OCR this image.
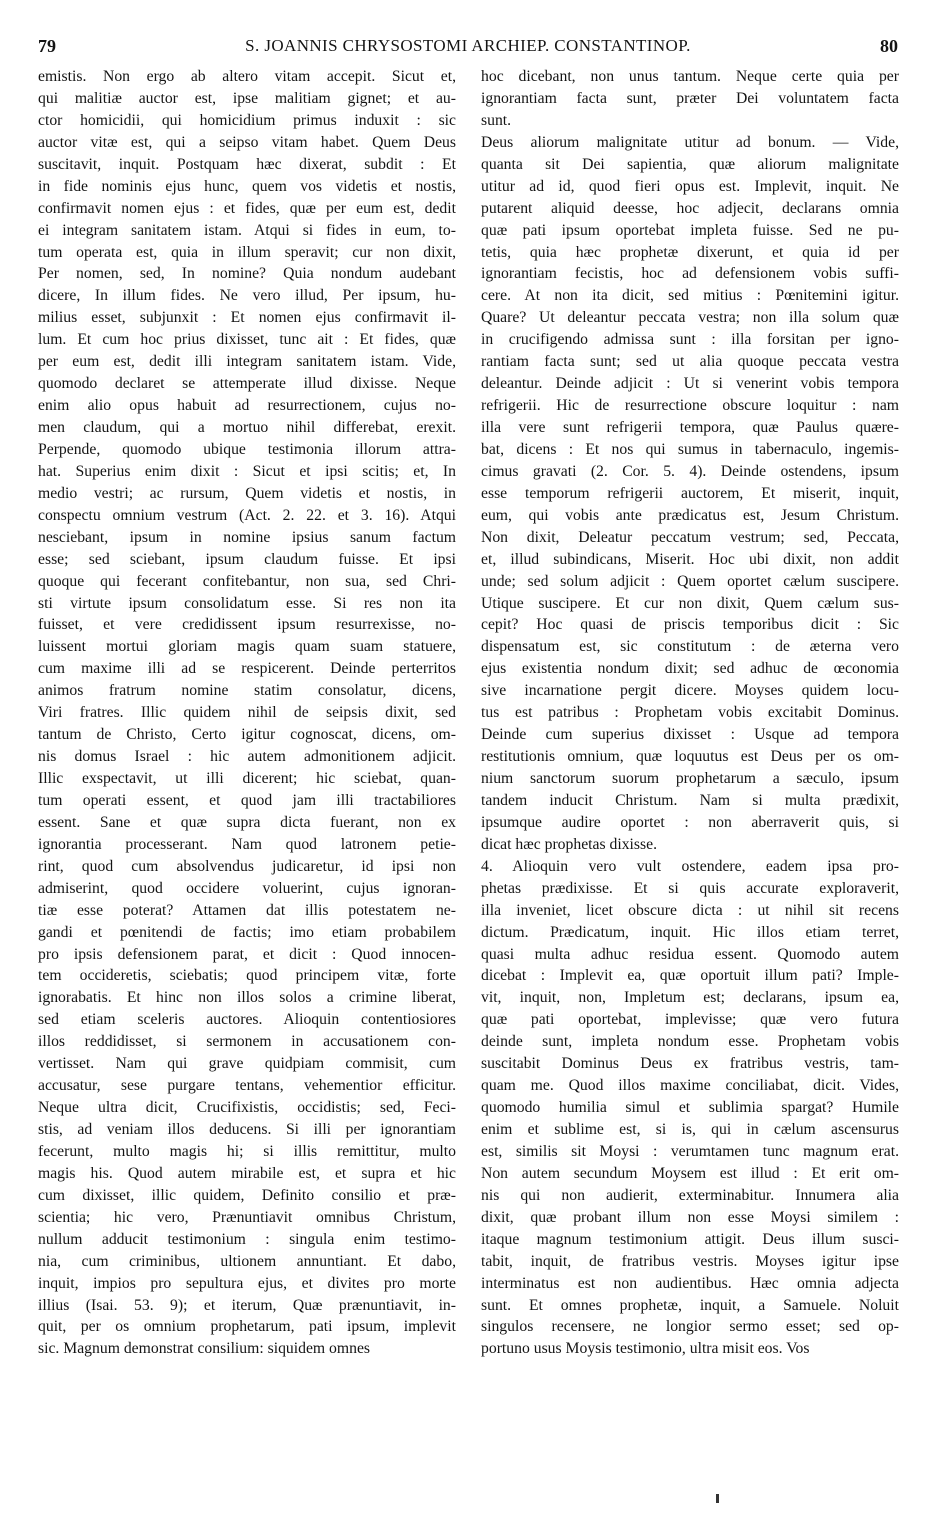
79	S. JOANNIS CHRYSOSTOMI ARCHIEP. CONSTANTINOP.	80
emistis. Non ergo ab altero vitam accepit. Sicut et,
qui malitiæ auctor est, ipse malitiam gignet; et au-
ctor homicidii, qui homicidium primus induxit : sic
auctor vitæ est, qui a seipso vitam habet. Quem Deus
suscitavit, inquit. Postquam hæc dixerat, subdit : Et
in fide nominis ejus hunc, quem vos videtis et nostis,
confirmavit nomen ejus : et fides, quæ per eum est, dedit
ei integram sanitatem istam. Atqui si fides in eum, to-
tum operata est, quia in illum speravit; cur non dixit,
Per nomen, sed, In nomine? Quia nondum audebant
dicere, In illum fides. Ne vero illud, Per ipsum, hu-
milius esset, subjunxit : Et nomen ejus confirmavit il-
lum. Et cum hoc prius dixisset, tunc ait : Et fides, quæ
per eum est, dedit illi integram sanitatem istam. Vide,
quomodo declaret se attemperate illud dixisse. Neque
enim alio opus habuit ad resurrectionem, cujus no-
men claudum, qui a mortuo nihil differebat, erexit.
Perpende, quomodo ubique testimonia illorum attra-
hat. Superius enim dixit : Sicut et ipsi scitis; et, In
medio vestri; ac rursum, Quem videtis et nostis, in
conspectu omnium vestrum (Act. 2. 22. et 3. 16). Atqui
nesciebant, ipsum in nomine ipsius sanum factum
esse; sed sciebant, ipsum claudum fuisse. Et ipsi
quoque qui fecerant confitebantur, non sua, sed Chri-
sti virtute ipsum consolidatum esse. Si res non ita
fuisset, et vere credidissent ipsum resurrexisse, no-
luissent mortui gloriam magis quam suam statuere,
cum maxime illi ad se respicerent. Deinde perterritos
animos fratrum nomine statim consolatur, dicens,
Viri fratres. Illic quidem nihil de seipsis dixit, sed
tantum de Christo, Certo igitur cognoscat, dicens, om-
nis domus Israel : hic autem admonitionem adjicit.
Illic exspectavit, ut illi dicerent; hic sciebat, quan-
tum operati essent, et quod jam illi tractabiliores
essent. Sane et quæ supra dicta fuerant, non ex
ignorantia processerant. Nam quod latronem petie-
rint, quod cum absolvendus judicaretur, id ipsi non
admiserint, quod occidere voluerint, cujus ignoran-
tiæ esse poterat? Attamen dat illis potestatem ne-
gandi et pœnitendi de factis; imo etiam probabilem
pro ipsis defensionem parat, et dicit : Quod innocen-
tem occideretis, sciebatis; quod principem vitæ, forte
ignorabatis. Et hinc non illos solos a crimine liberat,
sed etiam sceleris auctores. Alioquin contentiosiores
illos reddidisset, si sermonem in accusationem con-
vertisset. Nam qui grave quidpiam commisit, cum
accusatur, sese purgare tentans, vehementior efficitur.
Neque ultra dicit, Crucifixistis, occidistis; sed, Feci-
stis, ad veniam illos deducens. Si illi per ignorantiam
fecerunt, multo magis hi; si illis remittitur, multo
magis his. Quod autem mirabile est, et supra et hic
cum dixisset, illic quidem, Definito consilio et præ-
scientia; hic vero, Prænuntiavit omnibus Christum,
nullum adducit testimonium : singula enim testimo-
nia, cum criminibus, ultionem annuntiant. Et dabo,
inquit, impios pro sepultura ejus, et divites pro morte
illius (Isai. 53. 9); et iterum, Quæ prænuntiavit, in-
quit, per os omnium prophetarum, pati ipsum, implevit
sic. Magnum demonstrat consilium: siquidem omnes
hoc dicebant, non unus tantum. Neque certe quia per
ignorantiam facta sunt, præter Dei voluntatem facta
sunt.
Deus aliorum malignitate utitur ad bonum. — Vide,
quanta sit Dei sapientia, quæ aliorum malignitate
utitur ad id, quod fieri opus est. Implevit, inquit. Ne
putarent aliquid deesse, hoc adjecit, declarans omnia
quæ pati ipsum oportebat impleta fuisse. Sed ne pu-
tetis, quia hæc prophetæ dixerunt, et quia id per
ignorantiam fecistis, hoc ad defensionem vobis suffi-
cere. At non ita dicit, sed mitius : Pœnitemini igitur.
Quare? Ut deleantur peccata vestra; non illa solum quæ
in crucifigendo admissa sunt : illa forsitan per igno-
rantiam facta sunt; sed ut alia quoque peccata vestra
deleantur. Deinde adjicit : Ut si venerint vobis tempora
refrigerii. Hic de resurrectione obscure loquitur : nam
illa vere sunt refrigerii tempora, quæ Paulus quære-
bat, dicens : Et nos qui sumus in tabernaculo, ingemis-
cimus gravati (2. Cor. 5. 4). Deinde ostendens, ipsum
esse temporum refrigerii auctorem, Et miserit, inquit,
eum, qui vobis ante prædicatus est, Jesum Christum.
Non dixit, Deleatur peccatum vestrum; sed, Peccata,
et, illud subindicans, Miserit. Hoc ubi dixit, non addit
unde; sed solum adjicit : Quem oportet cælum suscipere.
Utique suscipere. Et cur non dixit, Quem cælum sus-
cepit? Hoc quasi de priscis temporibus dicit : Sic
dispensatum est, sic constitutum : de æterna vero
ejus existentia nondum dixit; sed adhuc de œconomia
sive incarnatione pergit dicere. Moyses quidem locu-
tus est patribus : Prophetam vobis excitabit Dominus.
Deinde cum superius dixisset : Usque ad tempora
restitutionis omnium, quæ loquutus est Deus per os om-
nium sanctorum suorum prophetarum a sæculo, ipsum
tandem inducit Christum. Nam si multa prædixit,
ipsumque audire oportet : non aberraverit quis, si
dicat hæc prophetas dixisse.
4. Alioquin vero vult ostendere, eadem ipsa pro-
phetas prædixisse. Et si quis accurate exploraverit,
illa inveniet, licet obscure dicta : ut nihil sit recens
dictum. Prædicatum, inquit. Hic illos etiam terret,
quasi multa adhuc residua essent. Quomodo autem
dicebat : Implevit ea, quæ oportuit illum pati? Imple-
vit, inquit, non, Impletum est; declarans, ipsum ea,
quæ pati oportebat, implevisse; quæ vero futura
deinde sunt, impleta nondum esse. Prophetam vobis
suscitabit Dominus Deus ex fratribus vestris, tam-
quam me. Quod illos maxime conciliabat, dicit. Vides,
quomodo humilia simul et sublimia spargat? Humile
enim et sublime est, si is, qui in cælum ascensurus
est, similis sit Moysi : verumtamen tunc magnum erat.
Non autem secundum Moysem est illud : Et erit om-
nis qui non audierit, exterminabitur. Innumera alia
dixit, quæ probant illum non esse Moysi similem :
itaque magnum testimonium attigit. Deus illum susci-
tabit, inquit, de fratribus vestris. Moyses igitur ipse
interminatus est non audientibus. Hæc omnia adjecta
sunt. Et omnes prophetæ, inquit, a Samuele. Noluit
singulos recensere, ne longior sermo esset; sed op-
portuno usus Moysis testimonio, ultra misit eos. Vos
